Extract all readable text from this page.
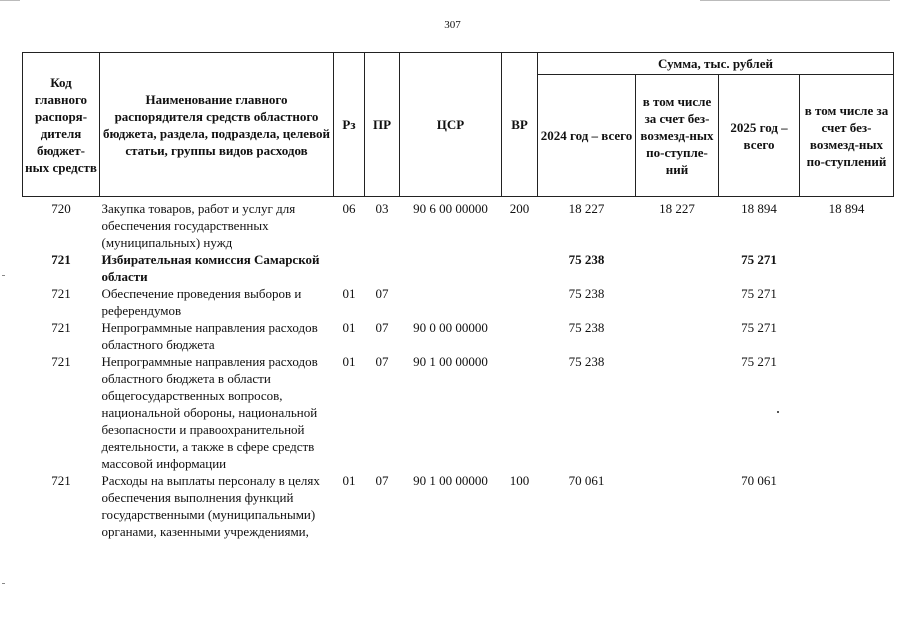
307
Код главного распоря-дителя бюджет-ных средств	Наименование главного распорядителя средств областного бюджета, раздела, подраздела, целевой статьи, группы видов расходов	Рз	ПР	ЦСР	ВР	Сумма, тыс. рублей			
						2024 год – всего	в том числе за счет без-возмезд-ных по-ступле-ний	2025 год – всего	в том числе за счет без-возмезд-ных по-ступлений
720	Закупка товаров, работ и услуг для обеспечения государственных (муниципальных) нужд	06	03	90 6 00 00000	200	18 227	18 227	18 894	18 894
721	Избирательная комиссия Самарской области					75 238		75 271	
721	Обеспечение проведения выборов и референдумов	01	07			75 238		75 271	
721	Непрограммные направления расходов областного бюджета	01	07	90 0 00 00000		75 238		75 271	
721	Непрограммные направления расходов областного бюджета в области общегосударственных вопросов, национальной обороны, национальной безопасности и правоохранительной деятельности, а также в сфере средств массовой информации	01	07	90 1 00 00000		75 238		75 271	
721	Расходы на выплаты персоналу в целях обеспечения выполнения функций государственными (муниципальными) органами, казенными учреждениями,	01	07	90 1 00 00000	100	70 061		70 061	
